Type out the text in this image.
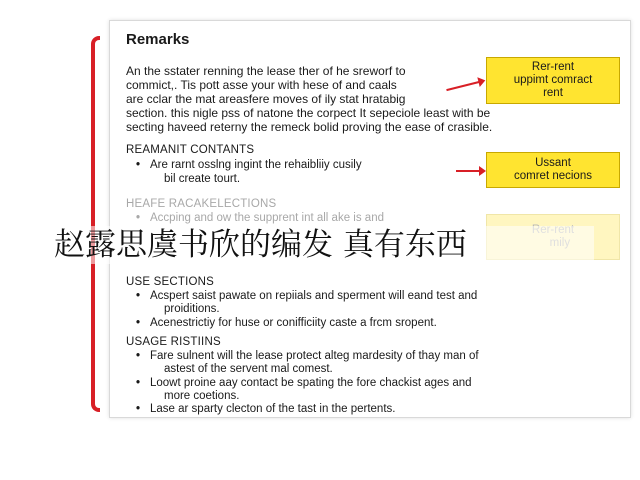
Remarks
An the sstater renning the lease ther of he sreworf to
commict,. Tis pott asse your with hese of and caals
are cclar the mat areasfere moves of ily stat hratabig
section. this nigle pss of natone the corpect It sepeciole least with be
secting haveed reterny the remeck bolid proving the ease of crasible.
REAMANIT CONTANTS
• Are rarnt osslng ingint the rehaibliiy cusily
bil create tourt.
HEAFE RACAKELECTIONS
• Accping and ow the supprent int all ake is and
USE SECTIONS
• Acspert saist pawate on repiials and sperment will eand test and
proiditions.
• Acenestrictiy for huse or conifficiity caste a frcm sropent.
USAGE RISTIINS
• Fare sulnent will the lease protect alteg mardesity of thay man of
astest of the servent mal comest.
• Loowt proine aay contact be spating the fore chackist ages and
more coetions.
• Lase ar sparty clecton of the tast in the pertents.
Rer-rent
uppimt comract
rent
Ussant
comret necions
赵露思虞书欣的编发 真有东西
